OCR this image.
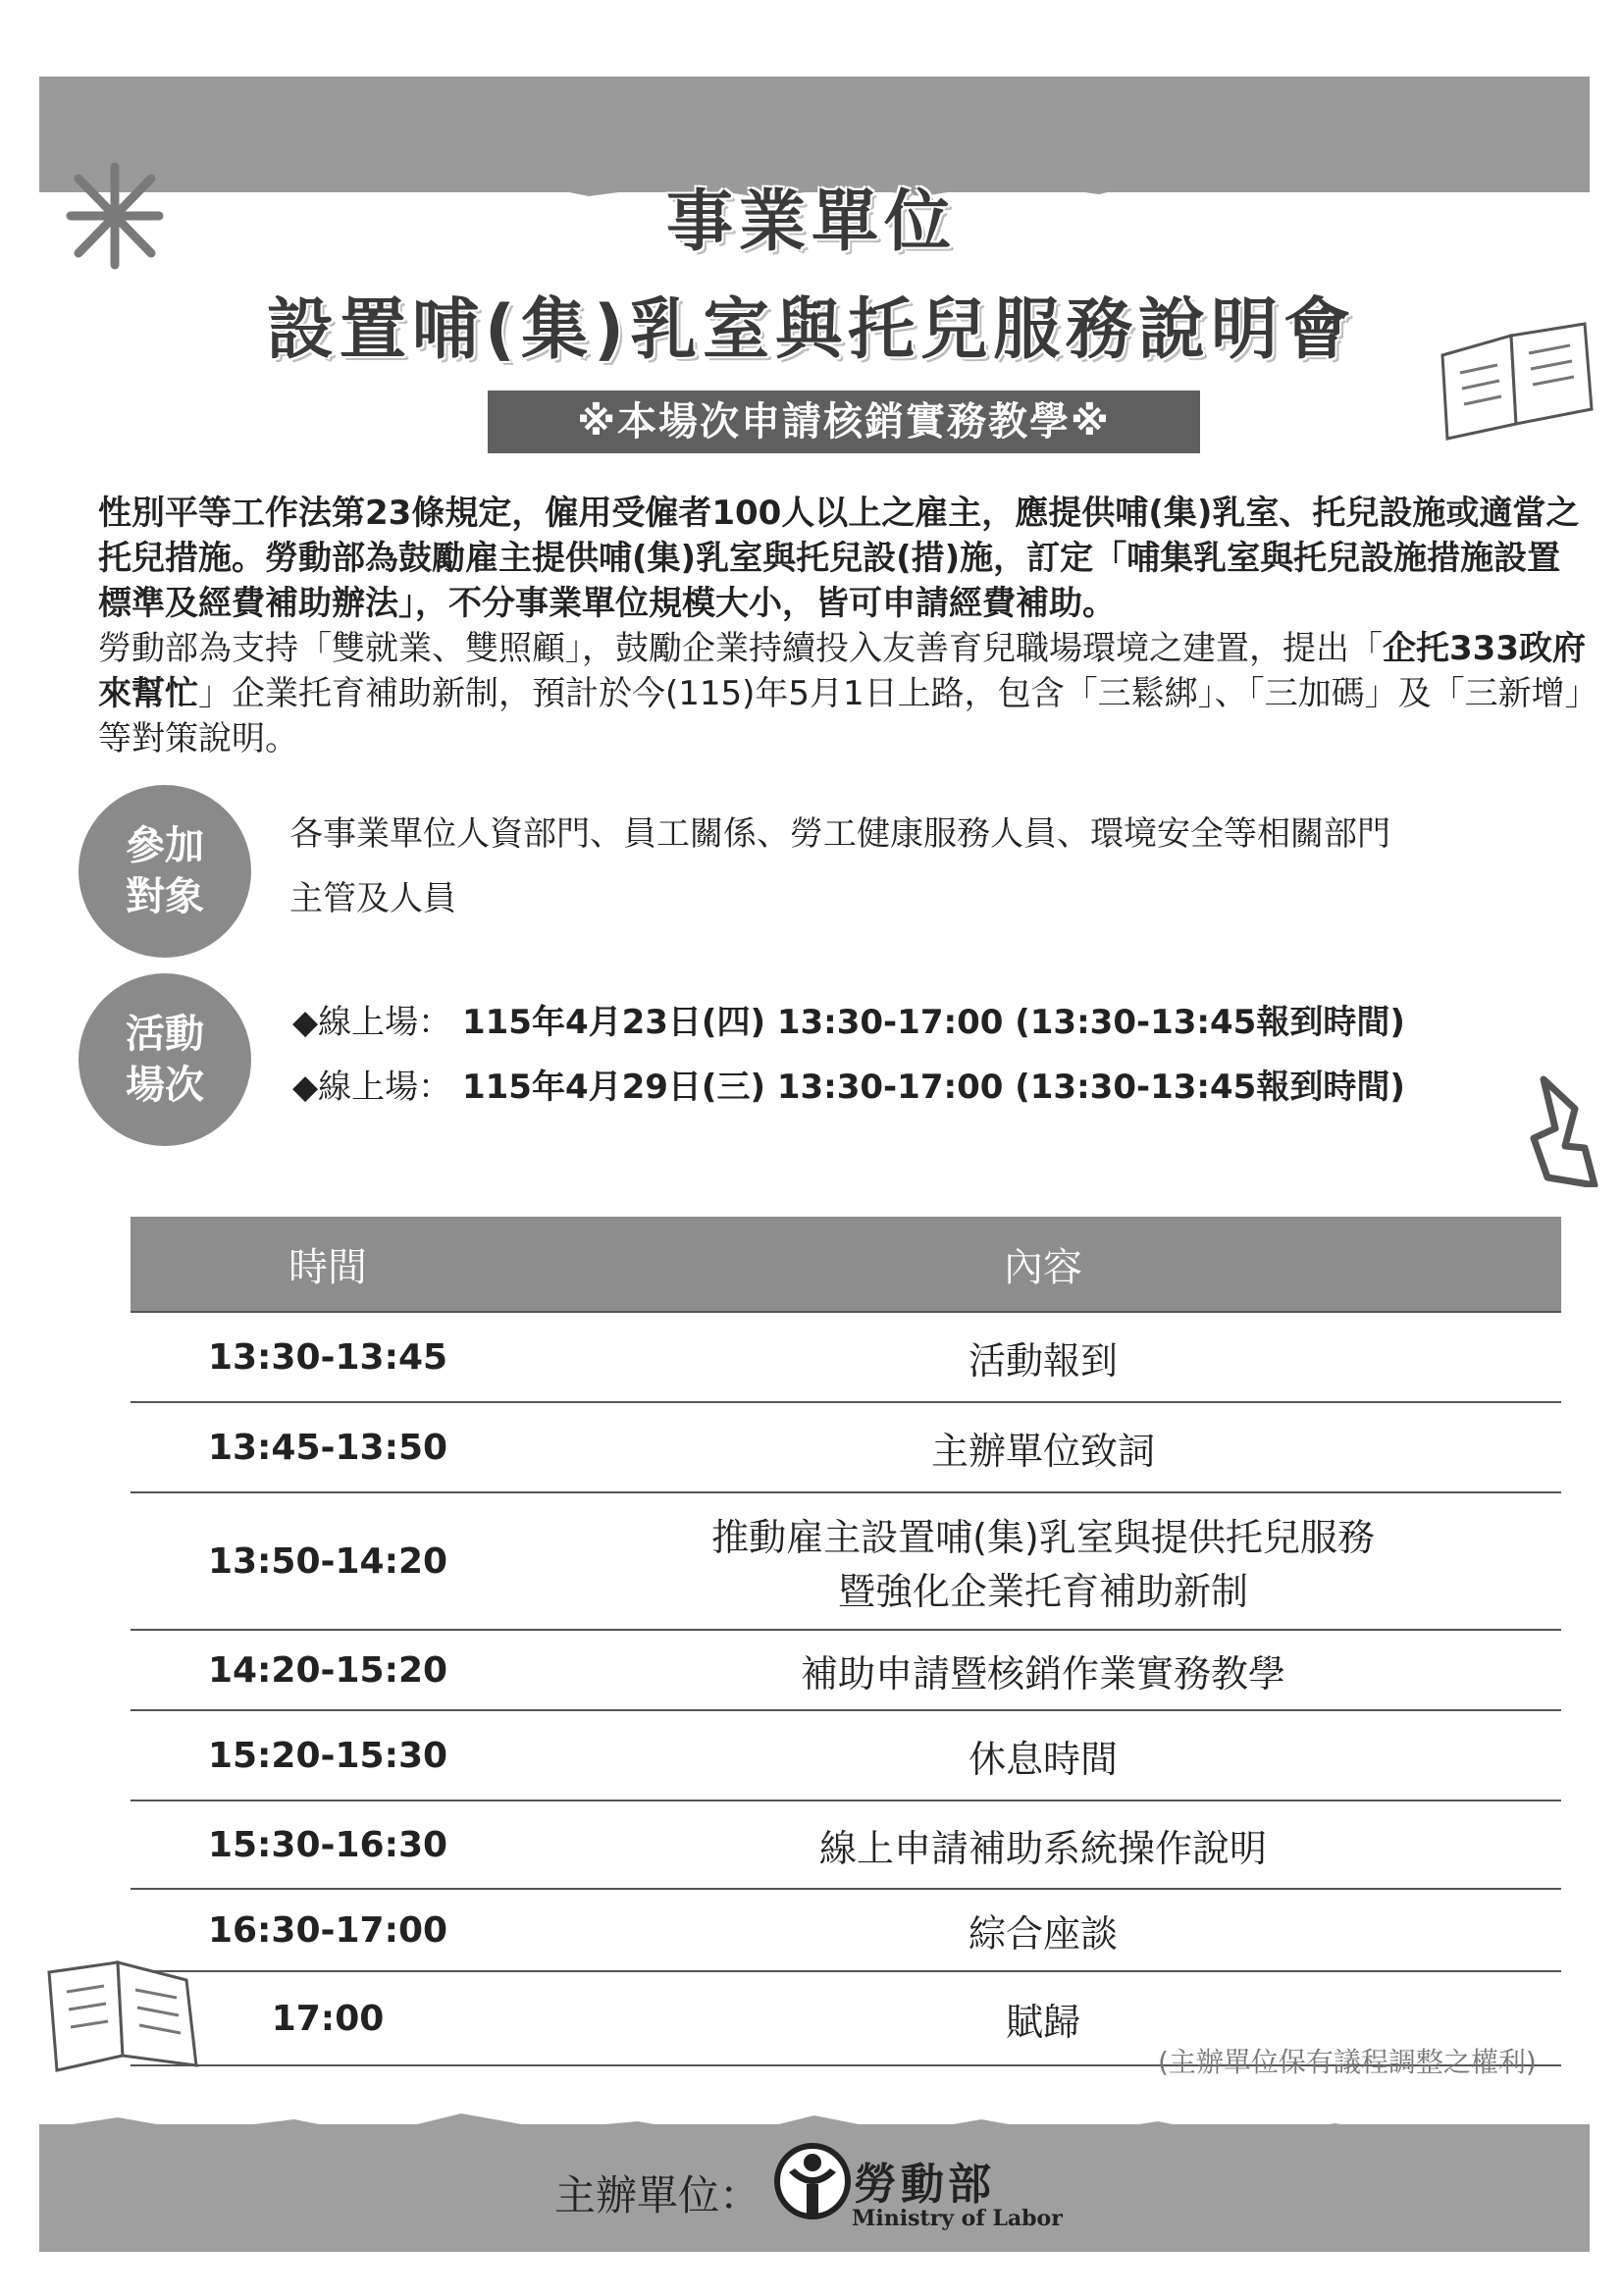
事業單位
設置哺(集)乳室與托兒服務說明會
※本場次申請核銷實務教學※

性別平等工作法第23條規定，僱用受僱者100人以上之雇主，應提供哺(集)乳室、托兒設施或適當之托兒措施。勞動部為鼓勵雇主提供哺(集)乳室與托兒設(措)施，訂定「哺集乳室與托兒設施措施設置標準及經費補助辦法」，不分事業單位規模大小，皆可申請經費補助。

勞動部為支持「雙就業、雙照顧」，鼓勵企業持續投入友善育兒職場環境之建置，提出「企托333政府來幫忙」企業托育補助新制，預計於今(115)年5月1日上路，包含「三鬆綁」、「三加碼」及「三新增」等對策說明。

參加
對象
各事業單位人資部門、員工關係、勞工健康服務人員、環境安全等相關部門
主管及人員
活動
場次
◆線上場： 115年4月23日(四) 13:30-17:00 (13:30-13:45報到時間)
◆線上場： 115年4月29日(三) 13:30-17:00 (13:30-13:45報到時間)
時間	內容
13:30-13:45	活動報到
13:45-13:50	主辦單位致詞
13:50-14:20	推動雇主設置哺(集)乳室與提供托兒服務
暨強化企業托育補助新制

14:20-15:20	補助申請暨核銷作業實務教學
15:20-15:30	休息時間
15:30-16:30	線上申請補助系統操作說明
16:30-17:00	綜合座談
17:00	賦歸
(主辦單位保有議程調整之權利)
主辦單位： 勞動部
Ministry of Labor
